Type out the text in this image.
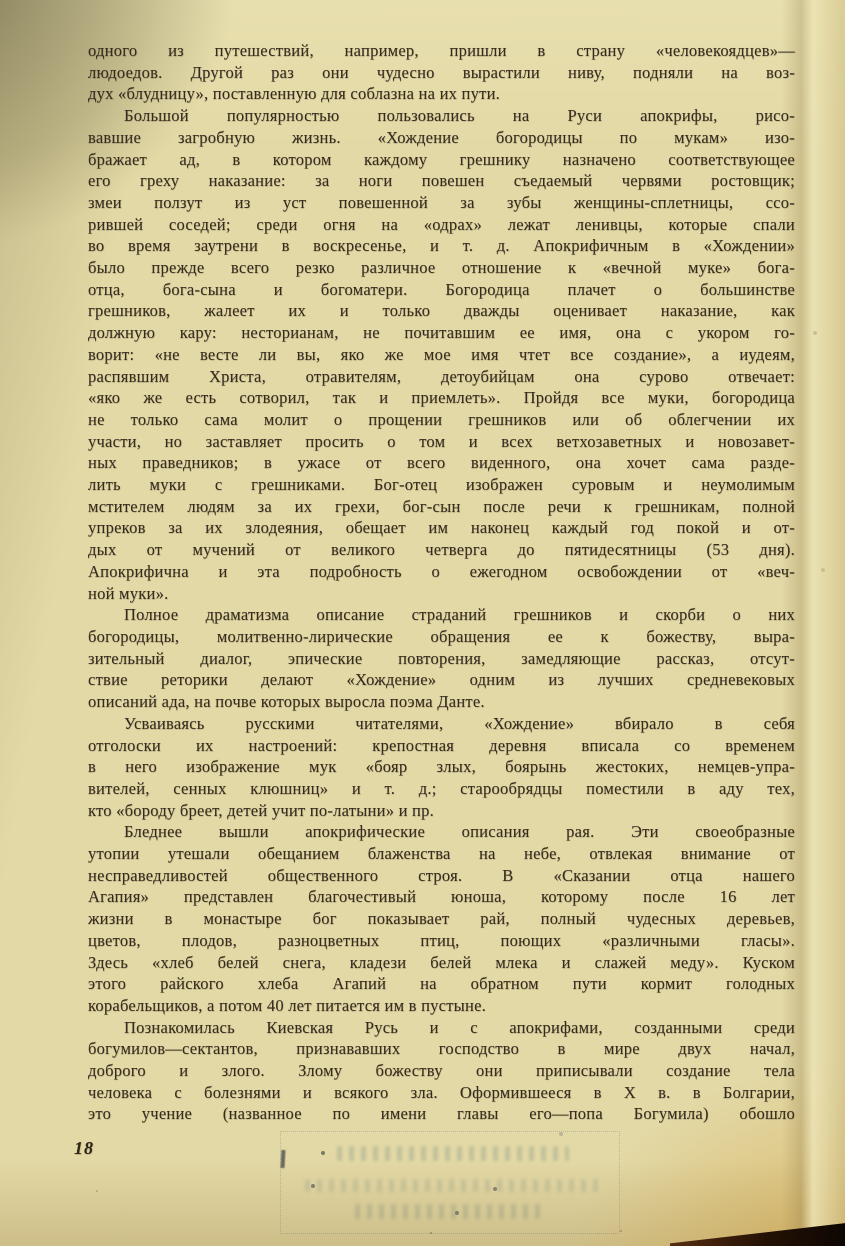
одного из путешествий, например, пришли в страну «человекоядцев»—
людоедов. Другой раз они чудесно вырастили ниву, подняли на воз-
дух «блудницу», поставленную для соблазна на их пути.
Большой популярностью пользовались на Руси апокрифы, рисо-
вавшие загробную жизнь. «Хождение богородицы по мукам» изо-
бражает ад, в котором каждому грешнику назначено соответствующее
его греху наказание: за ноги повешен съедаемый червями ростовщик;
змеи ползут из уст повешенной за зубы женщины-сплетницы, ссо-
рившей соседей; среди огня на «одрах» лежат ленивцы, которые спали
во время заутрени в воскресенье, и т. д. Апокрифичным в «Хождении»
было прежде всего резко различное отношение к «вечной муке» бога-
отца, бога-сына и богоматери. Богородица плачет о большинстве
грешников, жалеет их и только дважды оценивает наказание, как
должную кару: несторианам, не почитавшим ее имя, она с укором го-
ворит: «не весте ли вы, яко же мое имя чтет все создание», а иудеям,
распявшим Христа, отравителям, детоубийцам она сурово отвечает:
«яко же есть сотворил, так и приемлеть». Пройдя все муки, богородица
не только сама молит о прощении грешников или об облегчении их
участи, но заставляет просить о том и всех ветхозаветных и новозавет-
ных праведников; в ужасе от всего виденного, она хочет сама разде-
лить муки с грешниками. Бог-отец изображен суровым и неумолимым
мстителем людям за их грехи, бог-сын после речи к грешникам, полной
упреков за их злодеяния, обещает им наконец каждый год покой и от-
дых от мучений от великого четверга до пятидесятницы (53 дня).
Апокрифична и эта подробность о ежегодном освобождении от «веч-
ной муки».
Полное драматизма описание страданий грешников и скорби о них
богородицы, молитвенно-лирические обращения ее к божеству, выра-
зительный диалог, эпические повторения, замедляющие рассказ, отсут-
ствие реторики делают «Хождение» одним из лучших средневековых
описаний ада, на почве которых выросла поэма Данте.
Усваиваясь русскими читателями, «Хождение» вбирало в себя
отголоски их настроений: крепостная деревня вписала со временем
в него изображение мук «бояр злых, боярынь жестоких, немцев-упра-
вителей, сенных клюшниц» и т. д.; старообрядцы поместили в аду тех,
кто «бороду бреет, детей учит по-латыни» и пр.
Бледнее вышли апокрифические описания рая. Эти своеобразные
утопии утешали обещанием блаженства на небе, отвлекая внимание от
несправедливостей общественного строя. В «Сказании отца нашего
Агапия» представлен благочестивый юноша, которому после 16 лет
жизни в монастыре бог показывает рай, полный чудесных деревьев,
цветов, плодов, разноцветных птиц, поющих «различными гласы».
Здесь «хлеб белей снега, кладези белей млека и слажей меду». Куском
этого райского хлеба Агапий на обратном пути кормит голодных
корабельщиков, а потом 40 лет питается им в пустыне.
Познакомилась Киевская Русь и с апокрифами, созданными среди
богумилов—сектантов, признававших господство в мире двух начал,
доброго и злого. Злому божеству они приписывали создание тела
человека с болезнями и всякого зла. Оформившееся в X в. в Болгарии,
это учение (названное по имени главы его—попа Богумила) обошло
18
